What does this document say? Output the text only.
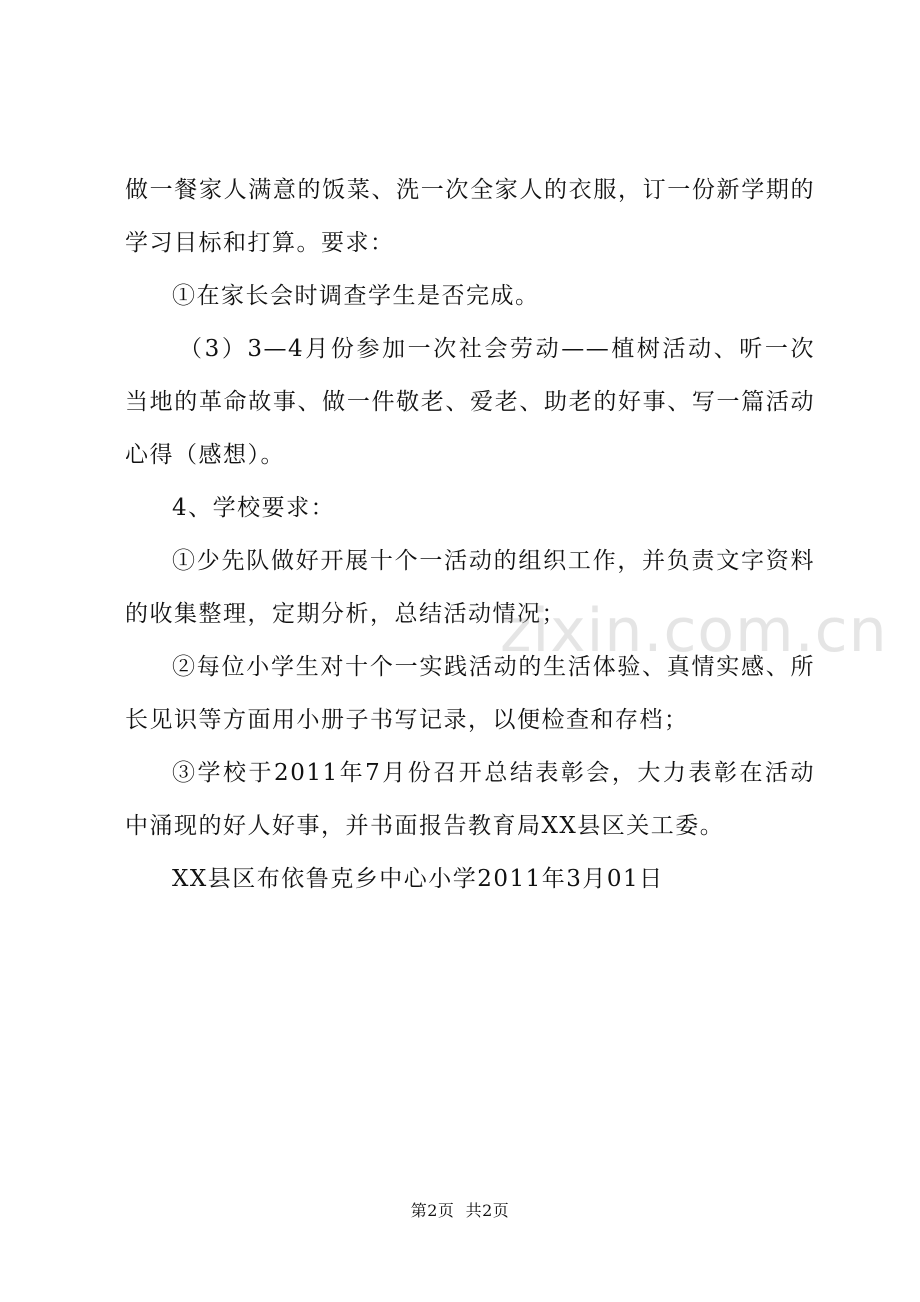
做一餐家人满意的饭菜、洗一次全家人的衣服，订一份新学期的学习目标和打算。要求：

①在家长会时调查学生是否完成。

（3）3—4月份参加一次社会劳动——植树活动、听一次当地的革命故事、做一件敬老、爱老、助老的好事、写一篇活动心得（感想）。

4、学校要求：

①少先队做好开展十个一活动的组织工作，并负责文字资料的收集整理，定期分析，总结活动情况；

②每位小学生对十个一实践活动的生活体验、真情实感、所长见识等方面用小册子书写记录，以便检查和存档；

③学校于2011年7月份召开总结表彰会，大力表彰在活动中涌现的好人好事，并书面报告教育局XX县区关工委。

XX县区布依鲁克乡中心小学2011年3月01日

zixin.com.cn
第2页 共2页
